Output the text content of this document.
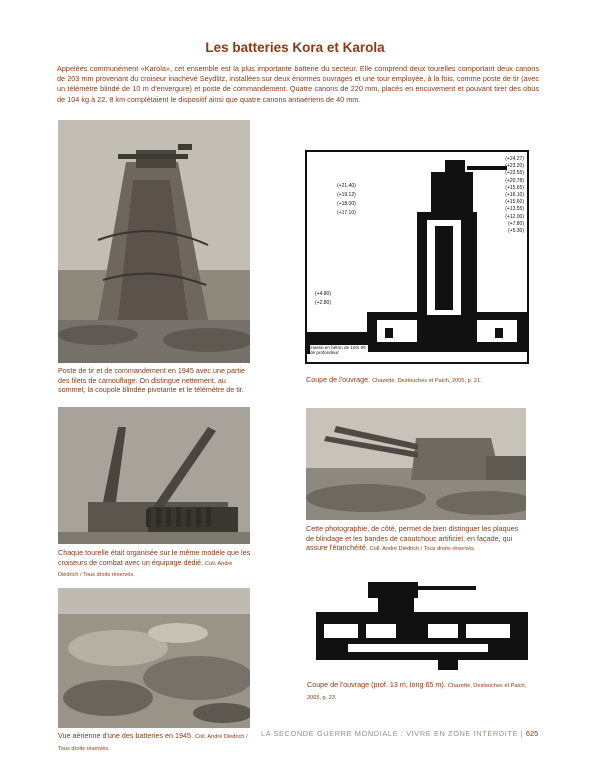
Les batteries Kora et Karola
Appelées communément «Karola», cet ensemble est la plus importante batterie du secteur. Elle comprend deux tourelles comportant deux canons de 203 mm provenant du croiseur inachevé Seydlitz, installées sur deux énormes ouvrages et une tour employée, à la fois, comme poste de tir (avec un télémètre blindé de 10 m d'envergure) et poste de commandement. Quatre canons de 220 mm, placés en encuvement et pouvant tirer des obus de 104 kg à 22, 8 km complètaient le dispositif ainsi que quatre canons antiaériens de 40 mm.
Poste de tir et de commandement en 1945 avec une partie des filets de camouflage. On distingue nettement, au sommet, la coupole blindée pivotante et le télémètre de tir.
(+24.27)
(+23.20)
(+22.55)
(+20.78)
(+15.65)
(+16.10)
(+15.60)
(+13.55)
(+12.00)
(+7.80)
(+5.30)
(+21.40)
(+19.12)
(+18.00)
(+17.10)
(+4.80)
(+2.80)
masse en béton de 10m 00 de profondeur
Coupe de l'ouvrage. Chazette, Destouches et Paich, 2005, p. 21.
Chaque tourelle était organisée sur le même modèle que les croiseurs de combat avec un équipage dédié. Coll. André Diédrich / Tous droits réservés.
Cette photographie, de côté, permet de bien distinguer les plaques de blindage et les bandes de caoutchouc artificiel, en façade, qui assure l'étanchéité. Coll. André Diédrich / Tous droits réservés.
Vue aérienne d'une des batteries en 1945. Coll. André Diédrich / Tous droits réservés.
Coupe de l'ouvrage (prof. 13 m, long 65 m). Chazette, Destouches et Paich, 2005, p. 23.
LA SECONDE GUERRE MONDIALE : VIVRE EN ZONE INTERDITE | 625
